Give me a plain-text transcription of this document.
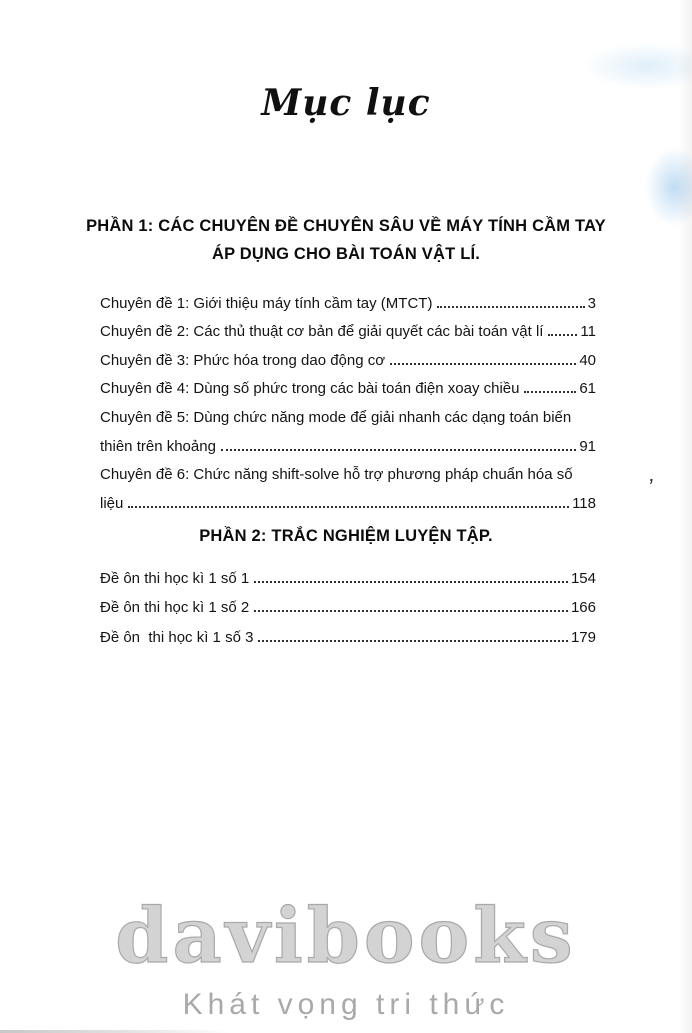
Mục lục
PHẦN 1: CÁC CHUYÊN ĐỀ CHUYÊN SÂU VỀ MÁY TÍNH CẦM TAY
ÁP DỤNG CHO BÀI TOÁN VẬT LÍ.
Chuyên đề 1: Giới thiệu máy tính cầm tay (MTCT)	3
Chuyên đề 2: Các thủ thuật cơ bản để giải quyết các bài toán vật lí 11
Chuyên đề 3: Phức hóa trong dao động cơ	40
Chuyên đề 4: Dùng số phức trong các bài toán điện xoay chiều	61
Chuyên đề 5: Dùng chức năng mode để giải nhanh các dạng toán biến
thiên trên khoảng	91
Chuyên đề 6: Chức năng shift-solve hỗ trợ phương pháp chuẩn hóa số
liệu	118
PHẦN 2: TRẮC NGHIỆM LUYỆN TẬP.
Đề ôn thi học kì 1 số 1	154
Đề ôn thi học kì 1 số 2	166
Đề ôn  thi học kì 1 số 3	179
davibooks
Khát vọng tri thức
’
